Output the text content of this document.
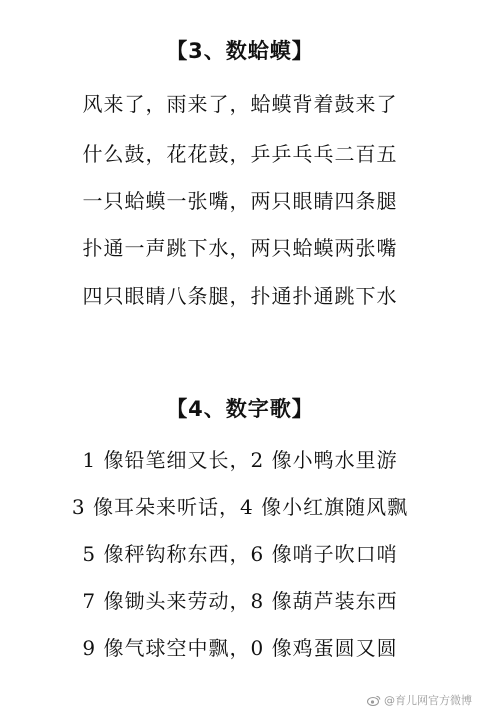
【3、数蛤蟆】
风来了，雨来了，蛤蟆背着鼓来了
什么鼓，花花鼓，乒乒乓乓二百五
一只蛤蟆一张嘴，两只眼睛四条腿
扑通一声跳下水，两只蛤蟆两张嘴
四只眼睛八条腿，扑通扑通跳下水
【4、数字歌】
1 像铅笔细又长，2 像小鸭水里游
3 像耳朵来听话，4 像小红旗随风飘
5 像秤钩称东西，6 像哨子吹口哨
7 像锄头来劳动，8 像葫芦装东西
9 像气球空中飘，0 像鸡蛋圆又圆
@育儿网官方微博
